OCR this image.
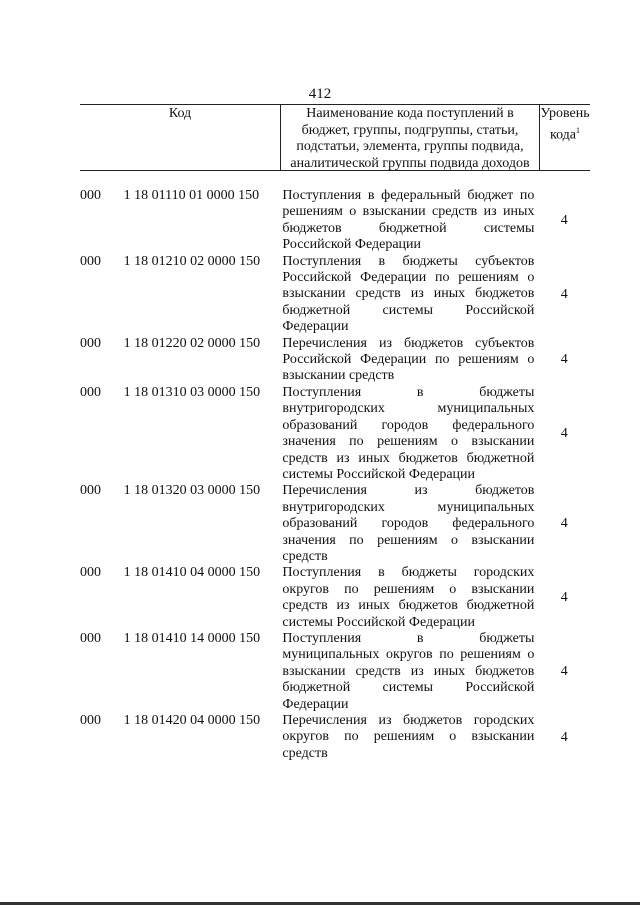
412
Код	Наименование кода поступлений в
бюджет, группы, подгруппы, статьи,
подстатьи, элемента, группы подвида,
аналитической группы подвида доходов
Уровень
кода$^1$
000	1 18 01110 01 0000 150	Поступления в федеральный бюджет по
решениям о взыскании средств из иных
бюджетов бюджетной системы
Российской Федерации
4
000	1 18 01210 02 0000 150	Поступления в бюджеты субъектов
Российской Федерации по решениям о
взыскании средств из иных бюджетов
бюджетной системы Российской
Федерации
4
000	1 18 01220 02 0000 150	Перечисления из бюджетов субъектов
Российской Федерации по решениям о
взыскании средств
4
000	1 18 01310 03 0000 150	Поступления в бюджеты
внутригородских муниципальных
образований городов федерального
значения по решениям о взыскании
средств из иных бюджетов бюджетной
системы Российской Федерации
4
000	1 18 01320 03 0000 150	Перечисления из бюджетов
внутригородских муниципальных
образований городов федерального
значения по решениям о взыскании
средств
4
000	1 18 01410 04 0000 150	Поступления в бюджеты городских
округов по решениям о взыскании
средств из иных бюджетов бюджетной
системы Российской Федерации
4
000	1 18 01410 14 0000 150	Поступления в бюджеты
муниципальных округов по решениям о
взыскании средств из иных бюджетов
бюджетной системы Российской
Федерации
4
000	1 18 01420 04 0000 150	Перечисления из бюджетов городских
округов по решениям о взыскании
средств
4
